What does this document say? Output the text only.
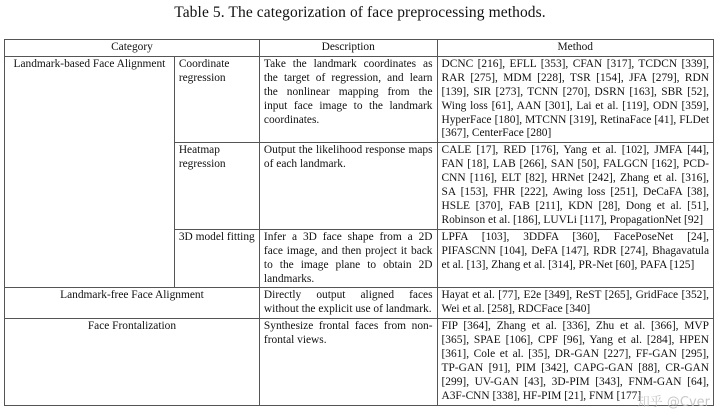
Table 5. The categorization of face preprocessing methods.
Category		Description	Method
Landmark-based Face Alignment	Coordinate regression	Take the landmark coordinates as the target of regression, and learn the nonlinear mapping from the input face image to the landmark coordinates.	DCNC [216], EFLL [353], CFAN [317], TCDCN [339], RAR [275], MDM [228], TSR [154], JFA [279], RDN [139], SIR [273], TCNN [270], DSRN [163], SBR [52], Wing loss [61], AAN [301], Lai et al. [119], ODN [359], HyperFace [180], MTCNN [319], RetinaFace [41], FLDet [367], CenterFace [280]
	Heatmap regression	Output the likelihood response maps of each landmark.	CALE [17], RED [176], Yang et al. [102], JMFA [44], FAN [18], LAB [266], SAN [50], FALGCN [162], PCD-CNN [116], ELT [82], HRNet [242], Zhang et al. [316], SA [153], FHR [222], Awing loss [251], DeCaFA [38], HSLE [370], FAB [211], KDN [28], Dong et al. [51], Robinson et al. [186], LUVLi [117], PropagationNet [92]
	3D model fitting	Infer a 3D face shape from a 2D face image, and then project it back to the image plane to obtain 2D landmarks.	LPFA [103], 3DDFA [360], FacePoseNet [24], PIFASCNN [104], DeFA [147], RDR [274], Bhagavatula et al. [13], Zhang et al. [314], PR-Net [60], PAFA [125]
Landmark-free Face Alignment		Directly output aligned faces without the explicit use of landmark.	Hayat et al. [77], E2e [349], ReST [265], GridFace [352], Wei et al. [258], RDCFace [340]
Face Frontalization		Synthesize frontal faces from non-frontal views.	FIP [364], Zhang et al. [336], Zhu et al. [366], MVP [365], SPAE [106], CPF [96], Yang et al. [284], HPEN [361], Cole et al. [35], DR-GAN [227], FF-GAN [295], TP-GAN [91], PIM [342], CAPG-GAN [88], CR-GAN [299], UV-GAN [43], 3D-PIM [343], FNM-GAN [64], A3F-CNN [338], HF-PIM [21], FNM [177]
知乎 @Cver
